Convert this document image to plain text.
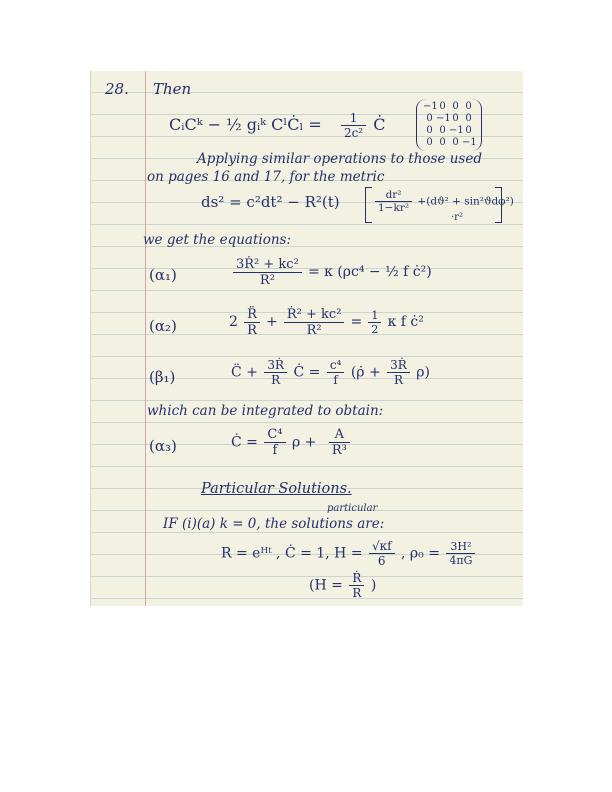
28. Then
CᵢCᵏ − ½ gᵢᵏ CˡĊₗ = $\frac{1}{\text{2c²}}$ Ċ
−1 0 0 0
0 −1 0 0
0 0 −1 0
0 0 0 −1
Applying similar operations to those used
on pages 16 and 17, for the metric
ds² = c²dt² − R²(t)	$\frac{\text{dr²}}{\text{1−kr²}} +(dϑ^2 + \sin^2ϑd\varphi^2)$
·r²
we get the equations:
(α₁)	$\frac{\text{3Ṙ² + kc²}}{\text{R²}} = \kappa$ (ρc⁴ − ½ f ċ²)
(α₂)	$2 \frac{R̈}{R} + \frac{\text{Ṙ² + kc²}}{\text{R²}} = \frac{1}{2}$ κ f ċ²
(β₁)	C̈ + $\frac{\text{3Ṙ}}{R}$ Ċ = $\frac{\text{c⁴}}{f}$ (ρ̇ + $\frac{\text{3Ṙ}}{R} \rho$)
which can be integrated to obtain:
(α₃)	Ċ = $\frac{\text{C⁴}}{f}$ $\rho + \frac{A}{\text{R³}}$
Particular Solutions.
particular
IF (i)(a) k = 0, the solutions are:
R = eᴴᵗ , Ċ = 1, $H = \frac{√\kappa f}{6}$ , $\rho_0 = \frac{\text{3H²}}{4\pi G}$
($H = \frac{\text{Ṙ}}{R}$ )
